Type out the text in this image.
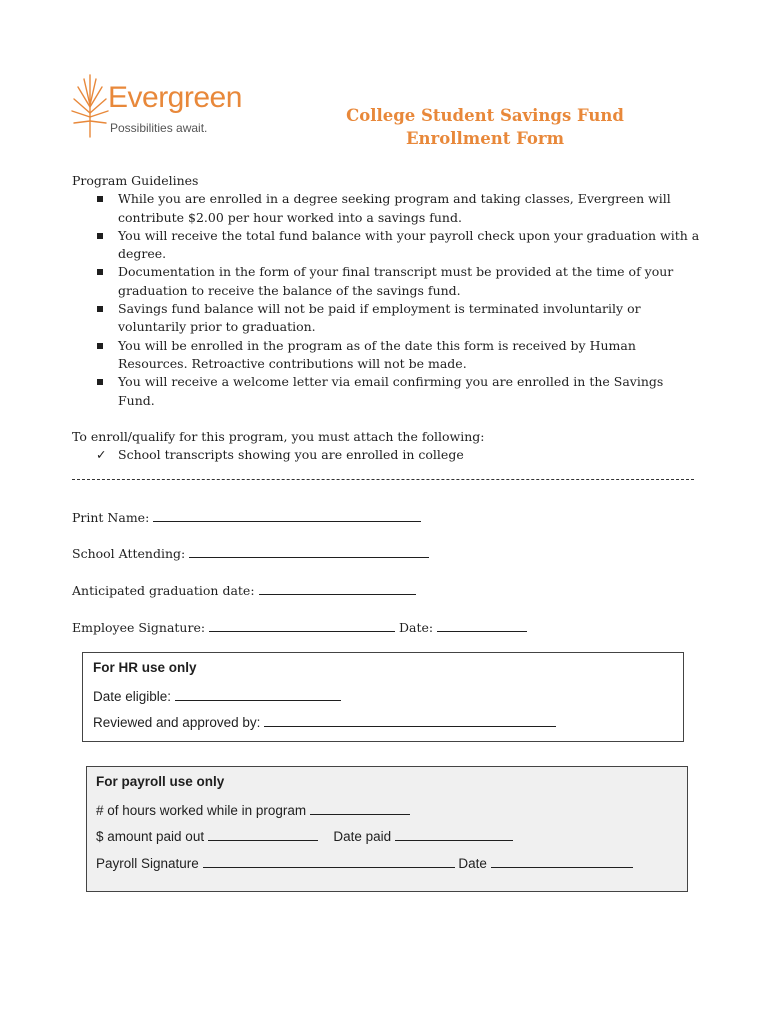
Evergreen
Possibilities await.
College Student Savings Fund
Enrollment Form
Program Guidelines
While you are enrolled in a degree seeking program and taking classes, Evergreen will contribute $2.00 per hour worked into a savings fund.
You will receive the total fund balance with your payroll check upon your graduation with a degree.
Documentation in the form of your final transcript must be provided at the time of your graduation to receive the balance of the savings fund.
Savings fund balance will not be paid if employment is terminated involuntarily or voluntarily prior to graduation.
You will be enrolled in the program as of the date this form is received by Human Resources. Retroactive contributions will not be made.
You will receive a welcome letter via email confirming you are enrolled in the Savings Fund.
To enroll/qualify for this program, you must attach the following:
✓ School transcripts showing you are enrolled in college
Print Name:
School Attending:
Anticipated graduation date:
Employee Signature:	Date:
For HR use only
Date eligible:
Reviewed and approved by:
For payroll use only
# of hours worked while in program
$ amount paid out	Date paid
Payroll Signature	Date
